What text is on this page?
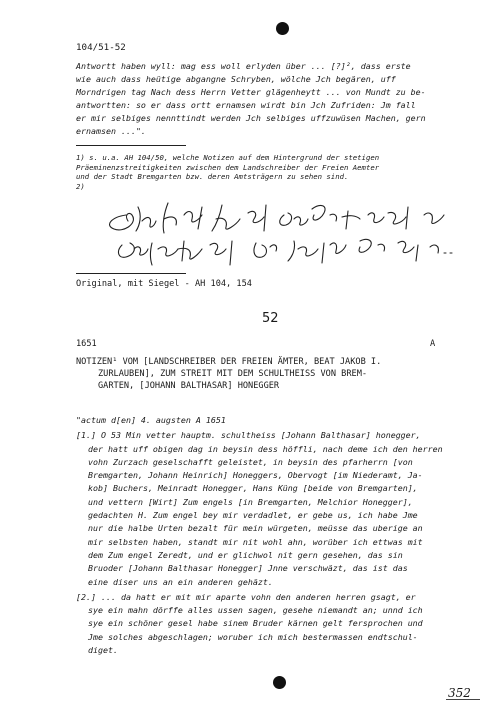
104/51-52
Antwortt haben wyll: mag ess woll erlyden über ... [?]², dass erste
wie auch dass heütige abgangne Schryben, wölche Jch begären, uff
Morndrigen tag Nach dess Herrn Vetter glägenheytt ... von Mundt zu be-
antwortten: so er dass ortt ernamsen wirdt bin Jch Zufriden: Jm fall
er mir selbiges nennttindt werden Jch selbiges uffzuwüsen Machen, gern
ernamsen ...".
1) s. u.a. AH 104/50, welche Notizen auf dem Hintergrund der stetigen
Präeminenzstreitigkeiten zwischen dem Landschreiber der Freien Aemter
und der Stadt Bremgarten bzw. deren Amtsträgern zu sehen sind.
2)
Original, mit Siegel - AH 104, 154
52
1651	A
NOTIZEN¹ VOM [LANDSCHREIBER DER FREIEN ÄMTER, BEAT JAKOB I.
ZURLAUBEN], ZUM STREIT MIT DEM SCHULTHEISS VON BREM-
GARTEN, [JOHANN BALTHASAR] HONEGGER
"actum d[en] 4. augsten A 1651
[1.] O 53 Min vetter hauptm. schultheiss [Johann Balthasar] honegger,
der hatt uff obigen dag in beysin dess höffli, nach deme ich den herren
vohn Zurzach geselschafft geleistet, in beysin des pfarherrn [von
Bremgarten, Johann Heinrich] Honeggers, Obervogt [im Niederamt, Ja-
kob] Buchers, Meinradt Honegger, Hans Küng [beide von Bremgarten],
und vettern [Wirt] Zum engels [in Bremgarten, Melchior Honegger],
gedachten H. Zum engel bey mir verdadlet, er gebe us, ich habe Jme
nur die halbe Urten bezalt für mein würgeten, meüsse das uberige an
mir selbsten haben, standt mir nit wohl ahn, worüber ich ettwas mit
dem Zum engel Zeredt, und er glichwol nit gern gesehen, das sin
Bruoder [Johann Balthasar Honegger] Jnne verschwäzt, das ist das
eine diser uns an ein anderen gehäzt.
[2.] ... da hatt er mit mir aparte vohn den anderen herren gsagt, er
sye ein mahn dörffe alles ussen sagen, gesehe niemandt an; unnd ich
sye ein schöner gesel habe sinem Bruder kärnen gelt fersprochen und
Jme solches abgeschlagen; woruber ich mich bestermassen endtschul-
diget.
352
